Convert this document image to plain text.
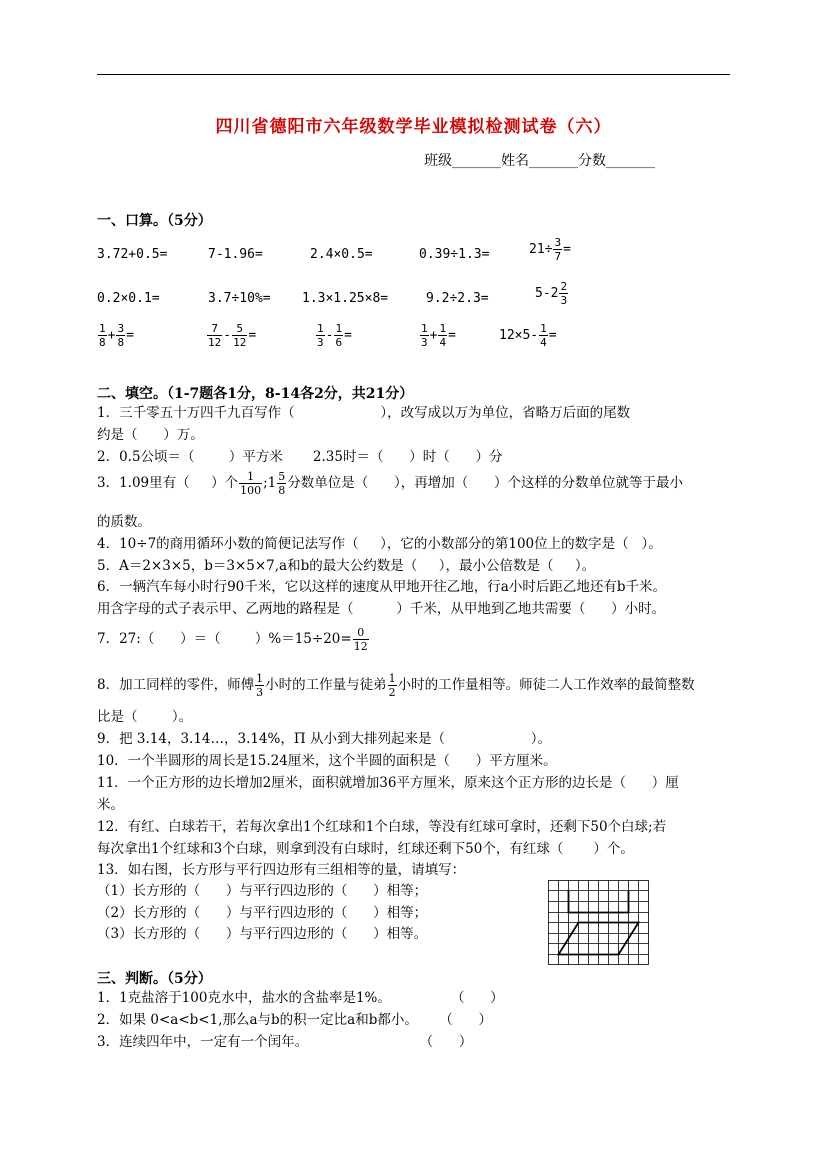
四川省德阳市六年级数学毕业模拟检测试卷（六）
班级_______姓名_______分数_______
一、口算。（5分）
3.72+0.5=	7-1.96=	2.4×0.5=	0.39÷1.3=	$21\div \frac{3}{7}$ =
0.2×0.1=	3.7÷10%= 1.3×1.25×8=	9.2÷2.3=	$5-2 \frac{2}{3}$
$\frac{1}{8} + \frac{3}{8}$ =	$\frac{7}{12} - \frac{5}{12}$ =	$\frac{1}{3} - \frac{1}{6}$ =	$\frac{1}{3} + \frac{1}{4}$ =	$12\times 5- \frac{1}{4}$ =
二、填空。（1-7题各1分，8-14各2分，共21分）
1．三千零五十万四千九百写作（                    ），改写成以万为单位，省略万后面的尾数
约是（      ）万。
2．0.5公顷＝（        ）平方米       2.35时＝（      ）时（      ）分
3．1.09里有（     ）个 $\frac{1}{100}$ ;1 $\frac{5}{8}$ 分数单位是（      ），再增加（      ）个这样的分数单位就等于最小
的质数。
4．10÷7的商用循环小数的简便记法写作（     ），它的小数部分的第100位上的数字是（   ）。
5．A＝2×3×5，b＝3×5×7,a和b的最大公约数是（     ），最小公倍数是（     ）。
6．一辆汽车每小时行90千米，它以这样的速度从甲地开往乙地，行a小时后距乙地还有b千米。
用含字母的式子表示甲、乙两地的路程是（          ）千米，从甲地到乙地共需要（      ）小时。
7．27:（      ）＝（        ）$\%=15\div 20= \frac{0}{12}$
8．加工同样的零件，师傅 $\frac{1}{3}$ 小时的工作量与徒弟 $\frac{1}{2}$ 小时的工作量相等。师徒二人工作效率的最简整数
比是（        ）。
9．把 3.14，3.14…，3.14%，Π 从小到大排列起来是（                    ）。
10．一个半圆形的周长是15.24厘米，这个半圆的面积是（      ）平方厘米。
11．一个正方形的边长增加2厘米，面积就增加36平方厘米，原来这个正方形的边长是（      ）厘
米。
12．有红、白球若干，若每次拿出1个红球和1个白球，等没有红球可拿时，还剩下50个白球;若
每次拿出1个红球和3个白球，则拿到没有白球时，红球还剩下50个，有红球（       ）个。
13．如右图，长方形与平行四边形有三组相等的量，请填写：
（1）长方形的（      ）与平行四边形的（      ）相等；
（2）长方形的（      ）与平行四边形的（      ）相等；
（3）长方形的（      ）与平行四边形的（      ）相等。
三、判断。（5分）
1．1克盐溶于100克水中，盐水的含盐率是1%。              （      ）
2．如果 0<a<b<1,那么a与b的积一定比a和b都小。     （      ）
3．连续四年中，一定有一个闰年。                          （      ）
